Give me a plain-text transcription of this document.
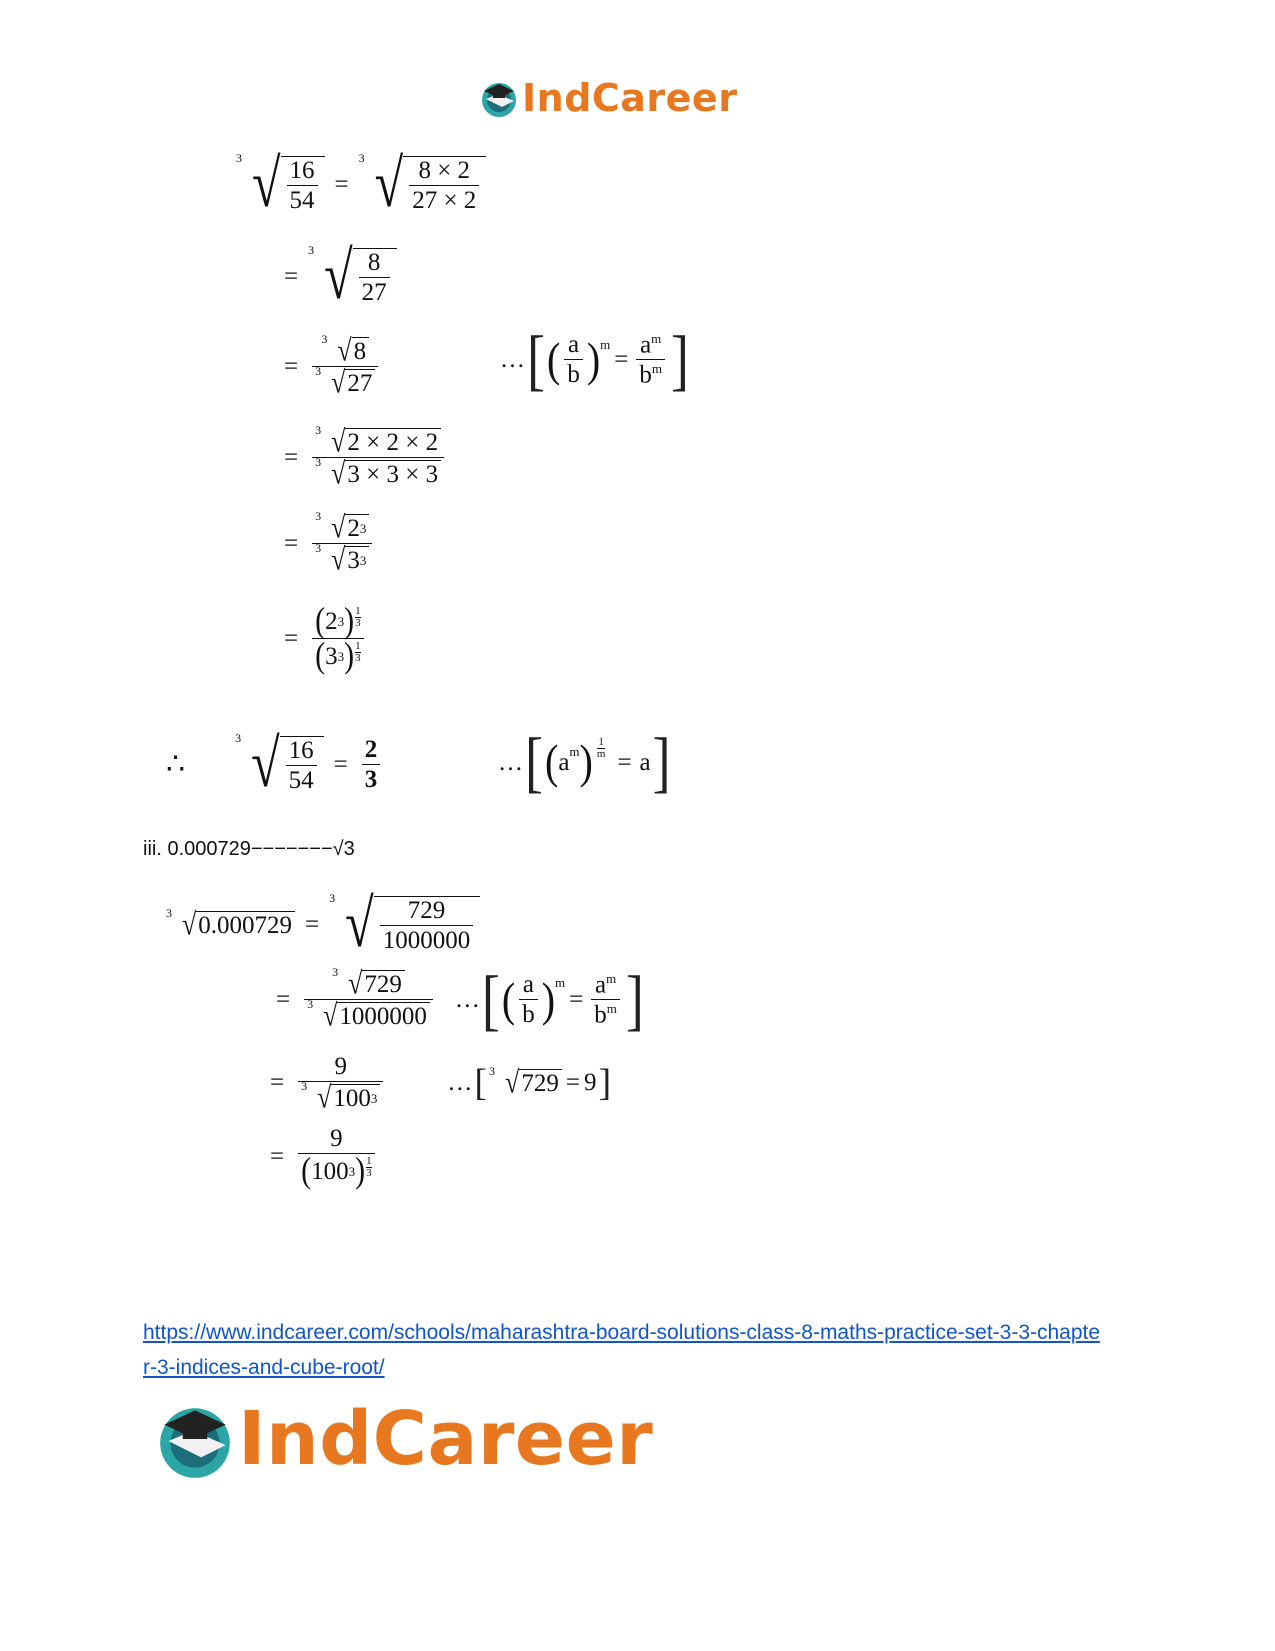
IndCareer
3 √ $\frac{16}{54}$ =
3 √ $\frac{8 \times 2}{27 \times 2}$
=
3 √ $\frac{8}{27}$
= $\frac{3 √ 8}{3 √ 27}$	… [ ( $\frac{a}{b} )^m$
= $\frac{a^m}{b^m}$ ]
= $\frac{3 √ 2 \times 2 \times 2}{3 √ 3 \times 3 \times 3}$
= $\frac{3 √ 2 3}{3 √ 3 3}$
= $\frac{( 2 3 ) \frac{1}{3}}{( 3 3 ) \frac{1}{3}}$
∴
3 √ $\frac{16}{54} = \frac{2}{3}$	… [ ( $a^m$ ) $\frac{1}{m} = a$ ]
iii. 0.000729−−−−−−−√3
3 √ 0.000729 =
3 √ $\frac{729}{1000000}$
= $\frac{3 √ 729}{3 √ 1000000}$ … [ ( $\frac{a}{b} )^m$
= $\frac{a^m}{b^m}$ ]
= $\frac{9}{3 √ 100 3}$	… [ 3 √ 729 = 9 ]
= $\frac{9}{( 100 3 ) \frac{1}{3}}$
https://www.indcareer.com/schools/maharashtra-board-solutions-class-8-maths-practice-set-3-3-chapter-3-indices-and-cube-root/
IndCareer
